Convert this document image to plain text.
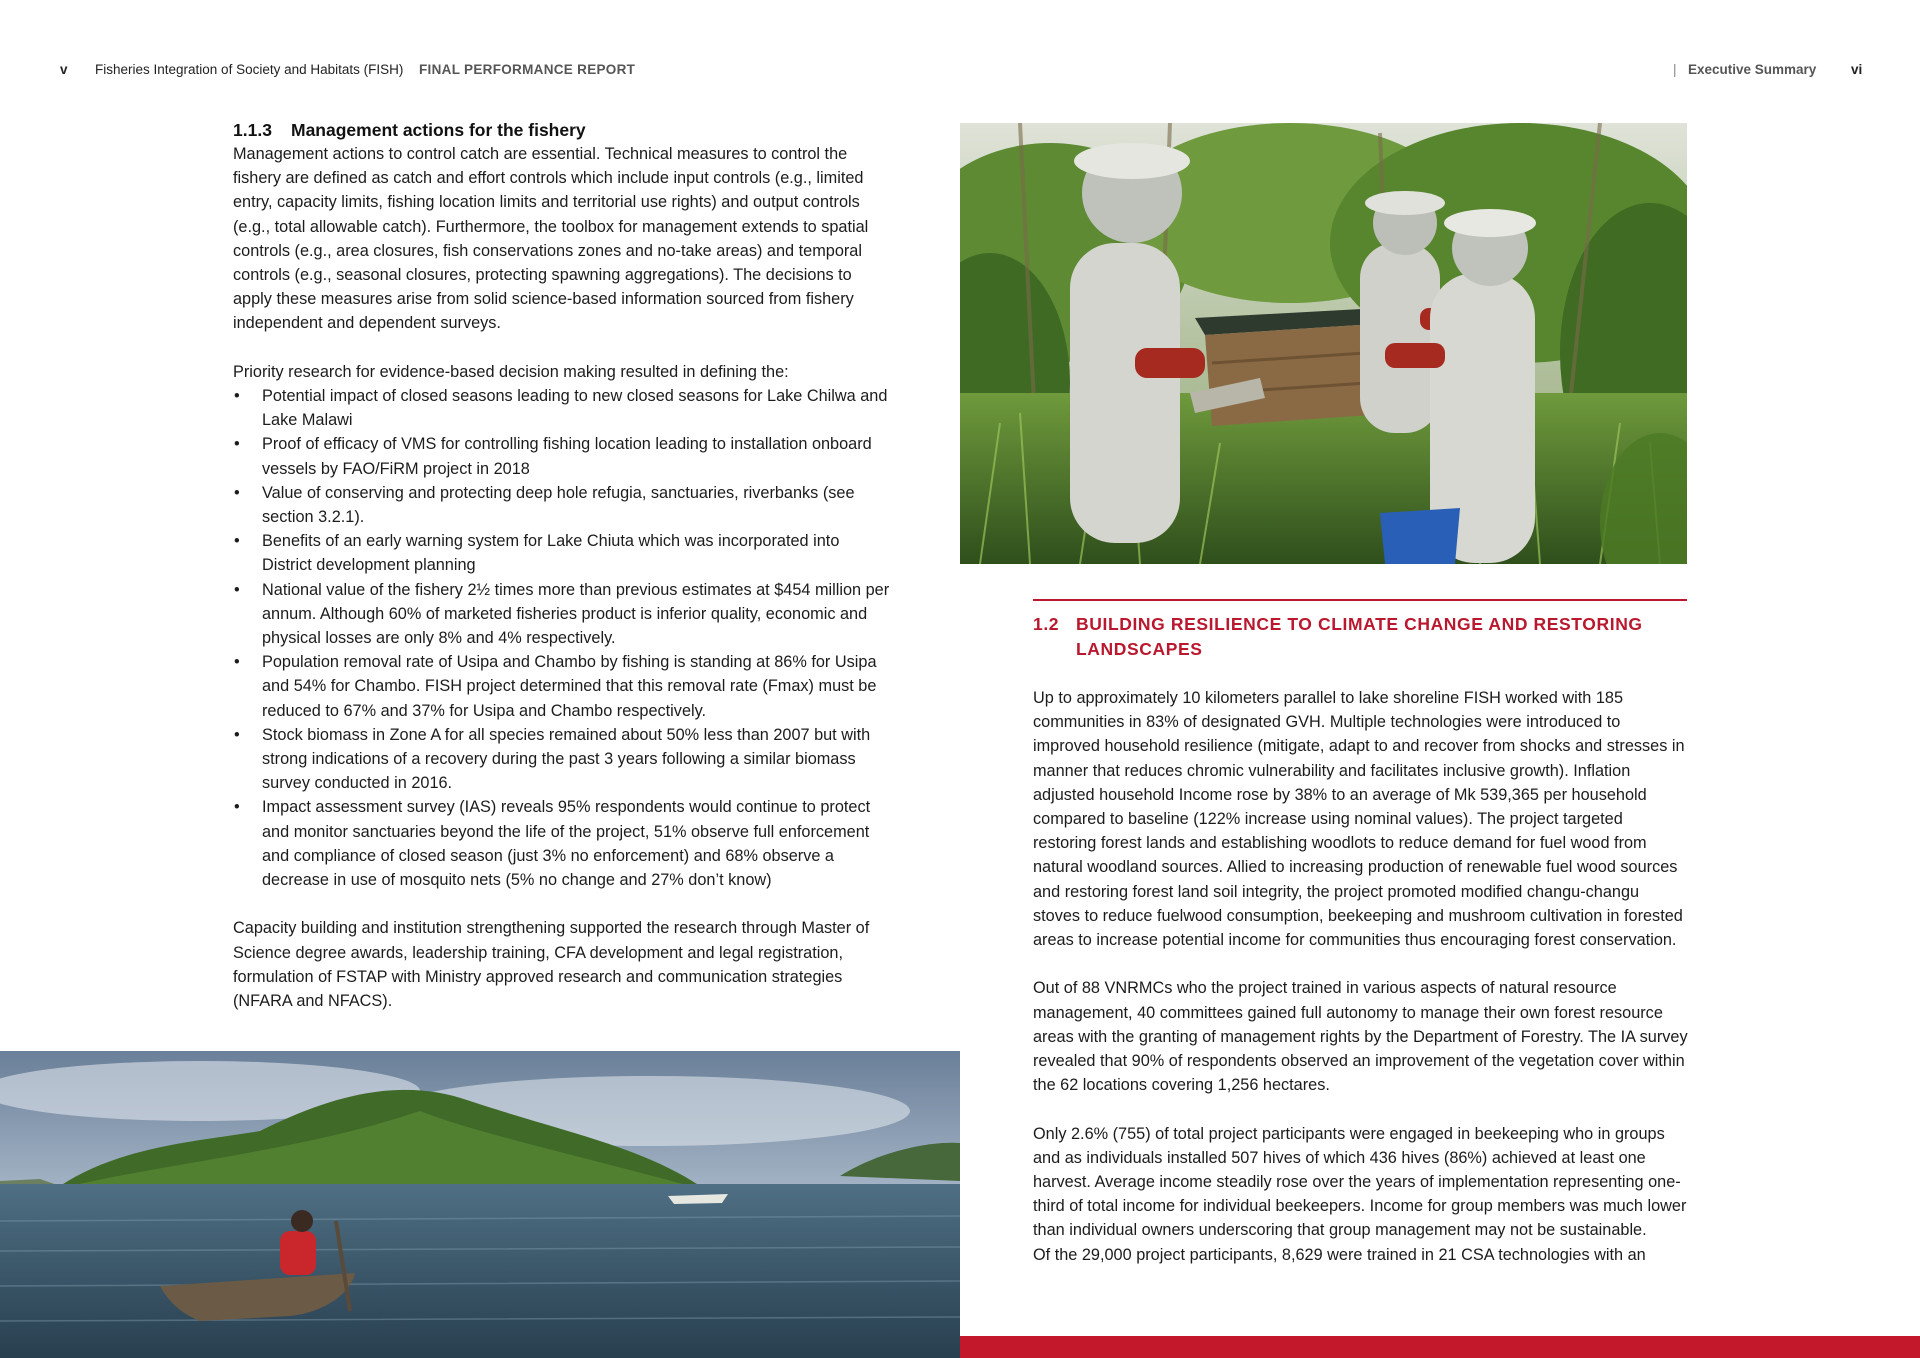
v Fisheries Integration of Society and Habitats (FISH) FINAL PERFORMANCE REPORT	| Executive Summary	vi
1.1.3 Management actions for the fishery

Management actions to control catch are essential. Technical measures to control the fishery are defined as catch and effort controls which include input controls (e.g., limited entry, capacity limits, fishing location limits and territorial use rights) and output controls (e.g., total allowable catch). Furthermore, the toolbox for management extends to spatial controls (e.g., area closures, fish conservations zones and no-take areas) and temporal controls (e.g., seasonal closures, protecting spawning aggregations). The decisions to apply these measures arise from solid science-based information sourced from fishery independent and dependent surveys.

Priority research for evidence-based decision making resulted in defining the:

• Potential impact of closed seasons leading to new closed seasons for Lake Chilwa and Lake Malawi
• Proof of efficacy of VMS for controlling fishing location leading to installation onboard vessels by FAO/FiRM project in 2018
• Value of conserving and protecting deep hole refugia, sanctuaries, riverbanks (see section 3.2.1).
• Benefits of an early warning system for Lake Chiuta which was incorporated into District development planning
• National value of the fishery 2½ times more than previous estimates at $454 million per annum. Although 60% of marketed fisheries product is inferior quality, economic and physical losses are only 8% and 4% respectively.
• Population removal rate of Usipa and Chambo by fishing is standing at 86% for Usipa and 54% for Chambo. FISH project determined that this removal rate (Fmax) must be reduced to 67% and 37% for Usipa and Chambo respectively.
• Stock biomass in Zone A for all species remained about 50% less than 2007 but with strong indications of a recovery during the past 3 years following a similar biomass survey conducted in 2016.
• Impact assessment survey (IAS) reveals 95% respondents would continue to protect and monitor sanctuaries beyond the life of the project, 51% observe full enforcement and compliance of closed season (just 3% no enforcement) and 68% observe a decrease in use of mosquito nets (5% no change and 27% don’t know)

Capacity building and institution strengthening supported the research through Master of Science degree awards, leadership training, CFA development and legal registration, formulation of FSTAP with Ministry approved research and communication strategies (NFARA and NFACS).

1.2 BUILDING RESILIENCE TO CLIMATE CHANGE AND RESTORING LANDSCAPES

Up to approximately 10 kilometers parallel to lake shoreline FISH worked with 185 communities in 83% of designated GVH. Multiple technologies were introduced to improved household resilience (mitigate, adapt to and recover from shocks and stresses in manner that reduces chromic vulnerability and facilitates inclusive growth). Inflation adjusted household Income rose by 38% to an average of Mk 539,365 per household compared to baseline (122% increase using nominal values). The project targeted restoring forest lands and establishing woodlots to reduce demand for fuel wood from natural woodland sources. Allied to increasing production of renewable fuel wood sources and restoring forest land soil integrity, the project promoted modified changu-changu stoves to reduce fuelwood consumption, beekeeping and mushroom cultivation in forested areas to increase potential income for communities thus encouraging forest conservation.

Out of 88 VNRMCs who the project trained in various aspects of natural resource management, 40 committees gained full autonomy to manage their own forest resource areas with the granting of management rights by the Department of Forestry. The IA survey revealed that 90% of respondents observed an improvement of the vegetation cover within the 62 locations covering 1,256 hectares.

Only 2.6% (755) of total project participants were engaged in beekeeping who in groups and as individuals installed 507 hives of which 436 hives (86%) achieved at least one harvest. Average income steadily rose over the years of implementation representing one-third of total income for individual beekeepers. Income for group members was much lower than individual owners underscoring that group management may not be sustainable.

Of the 29,000 project participants, 8,629 were trained in 21 CSA technologies with an
